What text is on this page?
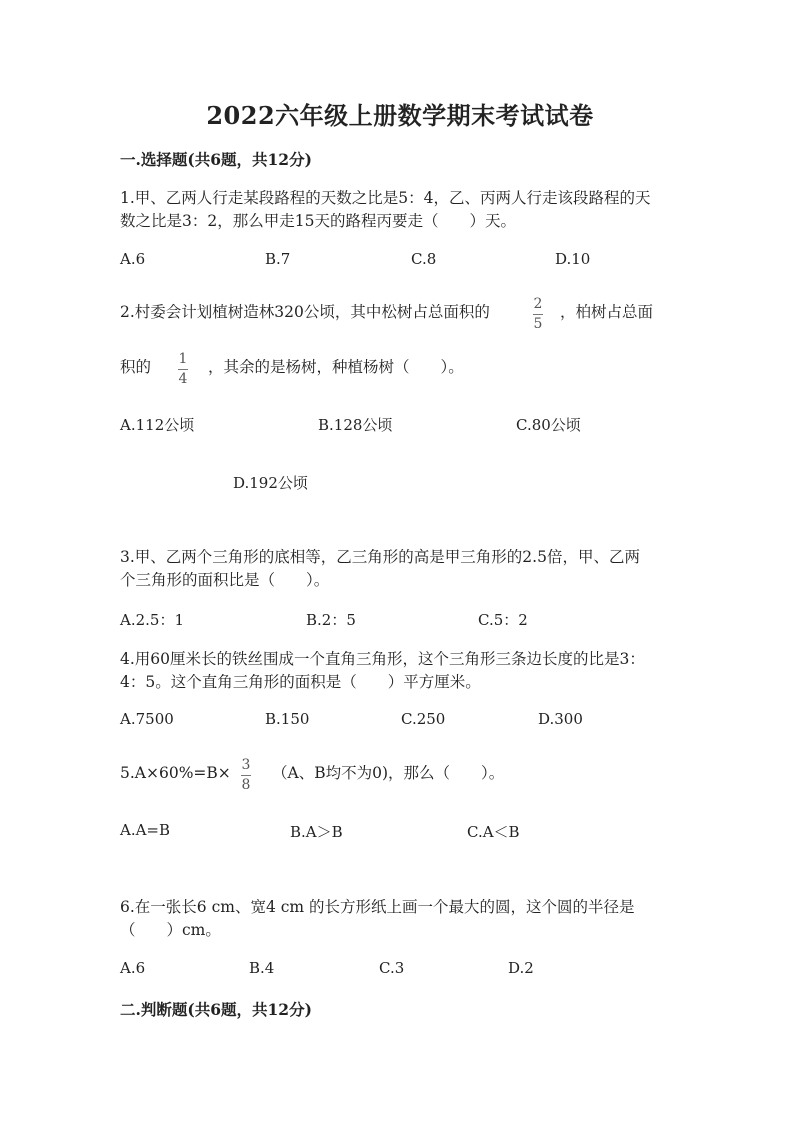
2022六年级上册数学期末考试试卷
一.选择题(共6题，共12分)
1.甲、乙两人行走某段路程的天数之比是5：4，乙、丙两人行走该段路程的天
数之比是3：2，那么甲走15天的路程丙要走（　　）天。
A.6	B.7	C.8	D.10
2.村委会计划植树造林320公顷，其中松树占总面积的	2
5
，柏树占总面
积的 1
4
，其余的是杨树，种植杨树（　　）。
A.112公顷	B.128公顷	C.80公顷
D.192公顷
3.甲、乙两个三角形的底相等，乙三角形的高是甲三角形的2.5倍，甲、乙两
个三角形的面积比是（　　）。
A.2.5：1	B.2：5	C.5：2
4.用60厘米长的铁丝围成一个直角三角形，这个三角形三条边长度的比是3：
4：5。这个直角三角形的面积是（　　）平方厘米。
A.7500	B.150	C.250	D.300
5.A×60%=B× 3
8
（A、B均不为0)，那么（　　）。
A.A=B	B.A＞B	C.A＜B
6.在一张长6 cm、宽4 cm 的长方形纸上画一个最大的圆，这个圆的半径是
（　　）cm。
A.6	B.4	C.3	D.2
二.判断题(共6题，共12分)
